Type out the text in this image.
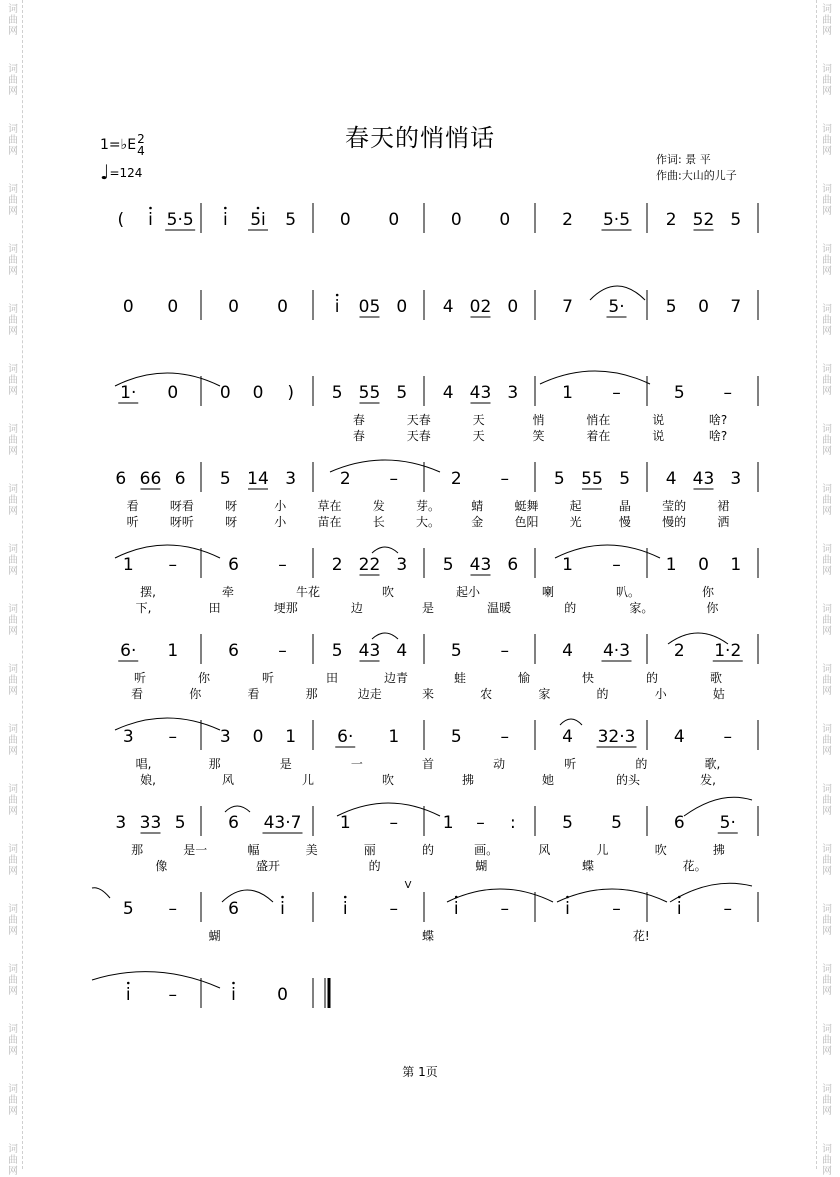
词
曲
网
词
曲
网
词
曲
网
词
曲
网
词
曲
网
词
曲
网
词
曲
网
词
曲
网
词
曲
网
词
曲
网
词
曲
网
词
曲
网
词
曲
网
词
曲
网
词
曲
网
词
曲
网
词
曲
网
词
曲
网
词
曲
网
词
曲
网
词
曲
网
词
曲
网
词
曲
网
词
曲
网
词
曲
网
词
曲
网
词
曲
网
词
曲
网
词
曲
网
词
曲
网
词
曲
网
词
曲
网
词
曲
网
词
曲
网
词
曲
网
词
曲
网
词
曲
网
词
曲
网
词
曲
网
词
曲
网
春天的悄悄话
1=♭E2
4
♩=124
作词: 景 平
作曲:大山的儿子
( i 5·5 i 5i 5	0 0	0 0	2 5·5 2 52 5
0 0	0 0	i 05 0 4 02 0	7 5· 5 0 7
1· 0 0 0 ) 5 55 5 4 43 3	1 –	5 –
春	天春	天	悄	悄在	说	啥?
春	天春	天	笑	着在	说	啥?
6 66 6 5 14 3	2 –	2 –	5 55 5 4 43 3
看	呀看	呀	小	草在	发	芽。	蜻	蜓舞	起	晶	莹的	裙
听	呀听	呀	小	苗在	长	大。	金	色阳	光	慢	慢的	洒
1 –	6 –	2 22 3 5 43 6	1 –	1 0 1
摆,	牵	牛花	吹	起小	喇	叭。	你
下,	田	埂那	边	是	温暖	的	家。	你
6· 1	6 –	5 43 4	5 –	4 4·3	2 1·2
听	你	听	田	边青	蛙	愉	快	的	歌
看	你	看	那	边走	来	农	家	的	小	姑
3 –	3 0 1 6· 1	5 –	4 32·3 4 –
唱,	那	是	一	首	动	听	的	歌,
娘,	风	儿	吹	拂	她	的头	发,
3 33 5	6 43·7 1 –	1 – :	5 5	6 5·
那	是一	幅	美	丽	的	画。	风	儿	吹	拂
像	盛开	的	蝴	蝶	花。
5 –	6 i	i –	i –	i –	i –
蝴	蝶	花!
V
i –	i 0
第 1页
